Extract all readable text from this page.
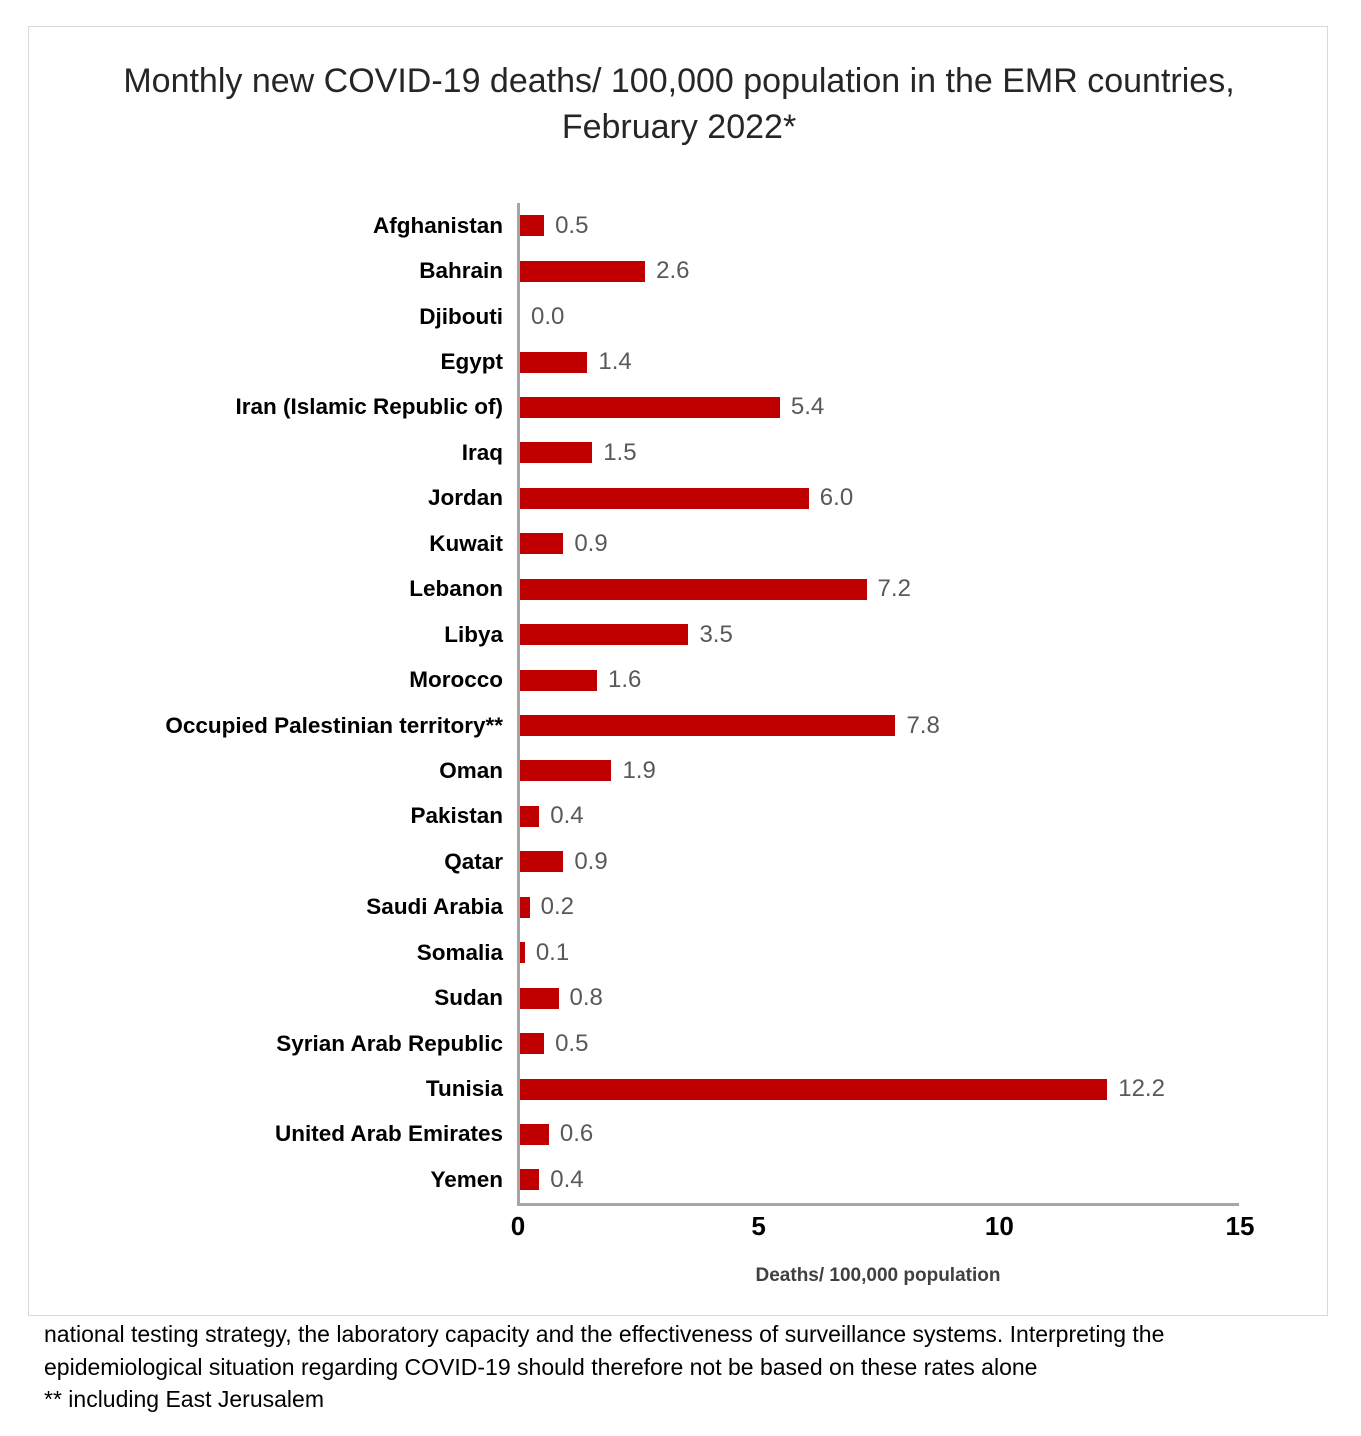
Monthly new COVID-19 deaths/ 100,000 population in the EMR countries, February 2022*
Afghanistan 0.5
Bahrain	2.6
Djibouti 0.0
Egypt	1.4
Iran (Islamic Republic of)	5.4
Iraq	1.5
Jordan	6.0
Kuwait	0.9
Lebanon	7.2
Libya	3.5
Morocco	1.6
Occupied Palestinian territory**	7.8
Oman	1.9
Pakistan 0.4
Qatar	0.9
Saudi Arabia 0.2
Somalia 0.1
Sudan	0.8
Syrian Arab Republic 0.5
Tunisia	12.2
United Arab Emirates 0.6
Yemen 0.4
0	5	10	15
Deaths/ 100,000 population
national testing strategy, the laboratory capacity and the effectiveness of surveillance systems. Interpreting the
epidemiological situation regarding COVID-19 should therefore not be based on these rates alone
** including East Jerusalem
